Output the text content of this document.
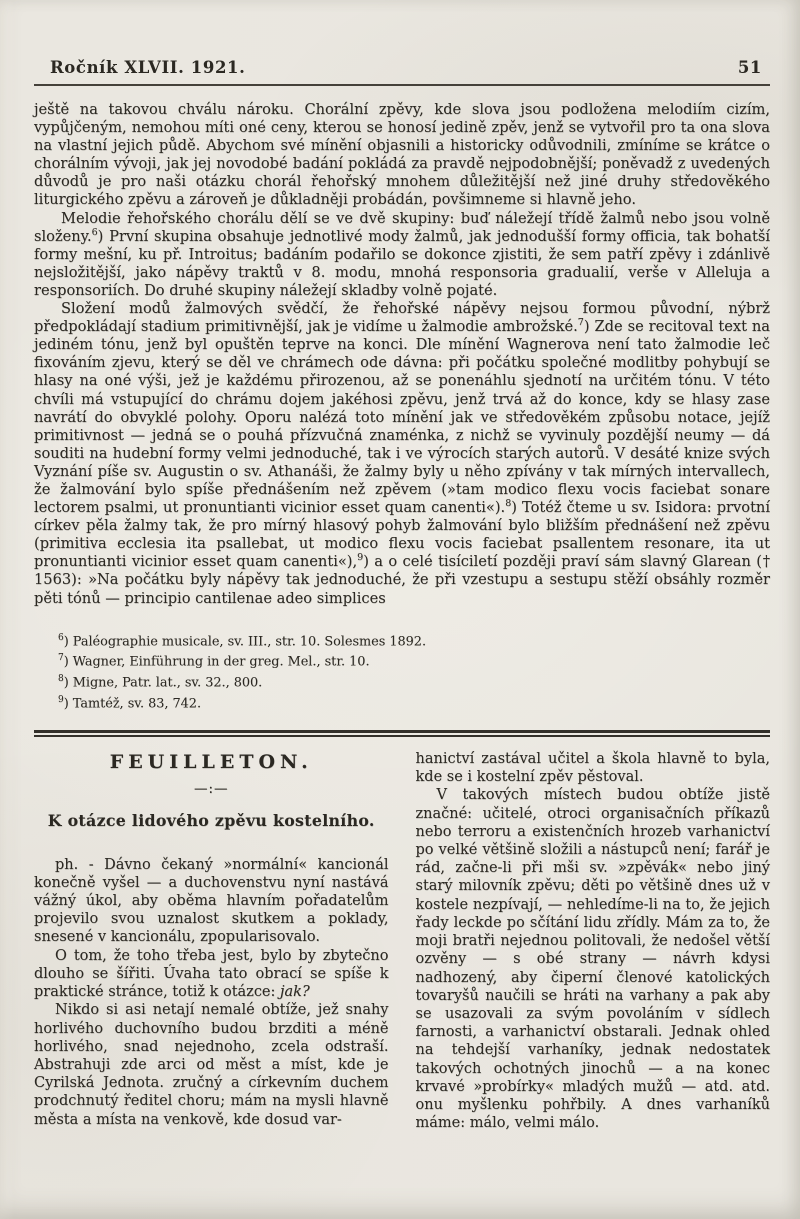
Ročník XLVII. 1921.	51

ještě na takovou chválu nároku. Chorální zpěvy, kde slova jsou podložena melodiím cizím, vypůjčeným, nemohou míti oné ceny, kterou se honosí jedině zpěv, jenž se vytvořil pro ta ona slova na vlastní jejich půdě. Abychom své mínění objasnili a historicky odůvodnili, zmíníme se krátce o chorálním vývoji, jak jej novodobé badání pokládá za pravdě nejpodobnější; poněvadž z uvedených důvodů je pro naši otázku chorál řehořský mnohem důležitější než jiné druhy středověkého liturgického zpěvu a zároveň je důkladněji probádán, povšimneme si hlavně jeho.

Melodie řehořského chorálu dělí se ve dvě skupiny: buď náležejí třídě žalmů nebo jsou volně složeny.$^6$) První skupina obsahuje jednotlivé mody žalmů, jak jednodušší formy officia, tak bohatší formy mešní, ku př. Introitus; badáním podařilo se dokonce zjistiti, že sem patří zpěvy i zdánlivě nejsložitější, jako nápěvy traktů v 8. modu, mnohá responsoria gradualií, verše v Alleluja a responsoriích. Do druhé skupiny náležejí skladby volně pojaté.

Složení modů žalmových svědčí, že řehořské nápěvy nejsou formou původní, nýbrž předpokládají stadium primitivnější, jak je vidíme u žalmodie ambrožské.$^7$) Zde se recitoval text na jediném tónu, jenž byl opuštěn teprve na konci. Dle mínění Wagnerova není tato žalmodie leč fixováním zjevu, který se děl ve chrámech ode dávna: při počátku společné modlitby pohybují se hlasy na oné výši, jež je každému přirozenou, až se ponenáhlu sjednotí na určitém tónu. V této chvíli má vstupující do chrámu dojem jakéhosi zpěvu, jenž trvá až do konce, kdy se hlasy zase navrátí do obvyklé polohy. Oporu nalézá toto mínění jak ve středověkém způsobu notace, jejíž primitivnost — jedná se o pouhá přízvučná znaménka, z nichž se vyvinuly pozdější neumy — dá souditi na hudební formy velmi jednoduché, tak i ve výrocích starých autorů. V desáté knize svých Vyznání píše sv. Augustin o sv. Athanáši, že žalmy byly u něho zpívány v tak mírných intervallech, že žalmování bylo spíše přednášením než zpěvem (»tam modico flexu vocis faciebat sonare lectorem psalmi, ut pronuntianti vicinior esset quam canenti«).$^8$) Totéž čteme u sv. Isidora: prvotní církev pěla žalmy tak, že pro mírný hlasový pohyb žalmování bylo bližším přednášení než zpěvu (primitiva ecclesia ita psallebat, ut modico flexu vocis faciebat psallentem resonare, ita ut pronuntianti vicinior esset quam canenti«),$^9$) a o celé tisíciletí později praví sám slavný Glarean († 1563): »Na počátku byly nápěvy tak jednoduché, že při vzestupu a sestupu stěží obsáhly rozměr pěti tónů — principio cantilenae adeo simplices

$^6$) Paléographie musicale, sv. III., str. 10. Solesmes 1892.
$^7$) Wagner, Einführung in der greg. Mel., str. 10.
$^8$) Migne, Patr. lat., sv. 32., 800.
$^9$) Tamtéž, sv. 83, 742.
FEUILLETON.
—:—
K otázce lidového zpěvu kostelního.

ph. - Dávno čekaný »normální« kancionál konečně vyšel — a duchovenstvu nyní nastává vážný úkol, aby oběma hlavním pořadatelům projevilo svou uznalost skutkem a poklady, snesené v kancionálu, zpopularisovalo.

O tom, že toho třeba jest, bylo by zbytečno dlouho se šířiti. Úvaha tato obrací se spíše k praktické stránce, totiž k otázce: jak?

Nikdo si asi netají nemalé obtíže, jež snahy horlivého duchovního budou brzditi a méně horlivého, snad nejednoho, zcela odstraší. Abstrahuji zde arci od měst a míst, kde je Cyrilská Jednota. zručný a církevním duchem prodchnutý ředitel choru; mám na mysli hlavně města a místa na venkově, kde dosud var-

hanictví zastával učitel a škola hlavně to byla, kde se i kostelní zpěv pěstoval.

V takových místech budou obtíže jistě značné: učitelé, otroci organisačních příkazů nebo terroru a existenčních hrozeb varhanictví po velké většině složili a nástupců není; farář je rád, začne-li při mši sv. »zpěvák« nebo jiný starý milovník zpěvu; děti po většině dnes už v kostele nezpívají, — nehledíme-li na to, že jejich řady leckde po sčítání lidu zřídly. Mám za to, že moji bratři nejednou politovali, že nedošel větší ozvěny — s obé strany — návrh kdysi nadhozený, aby čiperní členové katolických tovaryšů naučili se hráti na varhany a pak aby se usazovali za svým povoláním v sídlech farnosti, a varhanictví obstarali. Jednak ohled na tehdejší varhaníky, jednak nedostatek takových ochotných jinochů — a na konec krvavé »probírky« mladých mužů — atd. atd. onu myšlenku pohřbily. A dnes varhaníků máme: málo, velmi málo.
